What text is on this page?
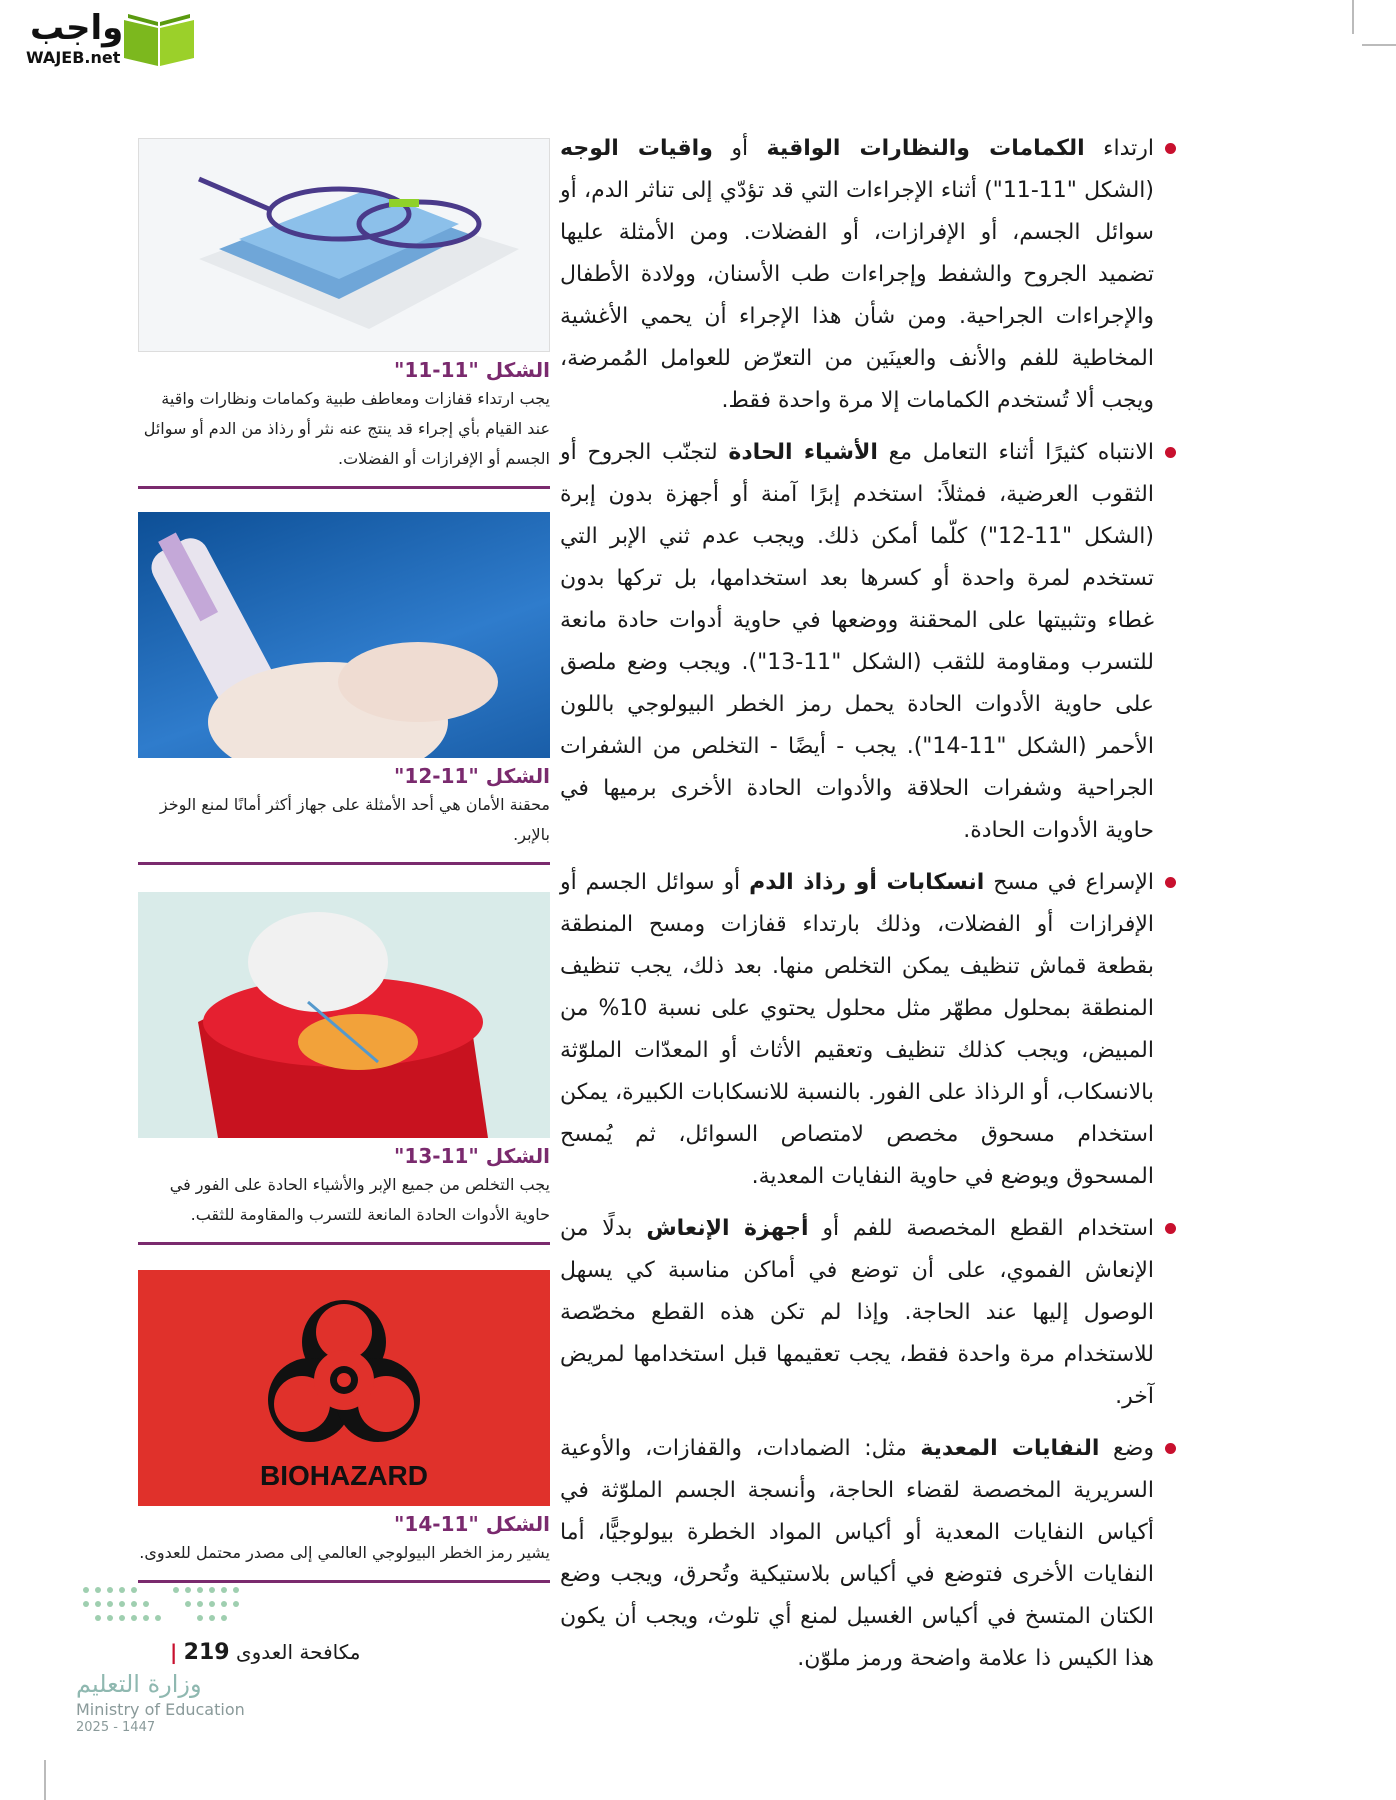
واجب
WAJEB.net
ارتداء الكمامات والنظارات الواقية أو واقيات الوجه (الشكل "11-11") أثناء الإجراءات التي قد تؤدّي إلى تناثر الدم، أو سوائل الجسم، أو الإفرازات، أو الفضلات. ومن الأمثلة عليها تضميد الجروح والشفط وإجراءات طب الأسنان، وولادة الأطفال والإجراءات الجراحية. ومن شأن هذا الإجراء أن يحمي الأغشية المخاطية للفم والأنف والعينَين من التعرّض للعوامل المُمرضة، ويجب ألا تُستخدم الكمامات إلا مرة واحدة فقط.
الانتباه كثيرًا أثناء التعامل مع الأشياء الحادة لتجنّب الجروح أو الثقوب العرضية، فمثلاً: استخدم إبرًا آمنة أو أجهزة بدون إبرة (الشكل "11-12") كلّما أمكن ذلك. ويجب عدم ثني الإبر التي تستخدم لمرة واحدة أو كسرها بعد استخدامها، بل تركها بدون غطاء وتثبيتها على المحقنة ووضعها في حاوية أدوات حادة مانعة للتسرب ومقاومة للثقب (الشكل "11-13"). ويجب وضع ملصق على حاوية الأدوات الحادة يحمل رمز الخطر البيولوجي باللون الأحمر (الشكل "11-14"). يجب - أيضًا - التخلص من الشفرات الجراحية وشفرات الحلاقة والأدوات الحادة الأخرى برميها في حاوية الأدوات الحادة.
الإسراع في مسح انسكابات أو رذاذ الدم أو سوائل الجسم أو الإفرازات أو الفضلات، وذلك بارتداء قفازات ومسح المنطقة بقطعة قماش تنظيف يمكن التخلص منها. بعد ذلك، يجب تنظيف المنطقة بمحلول مطهّر مثل محلول يحتوي على نسبة 10% من المبيض، ويجب كذلك تنظيف وتعقيم الأثاث أو المعدّات الملوّثة بالانسكاب، أو الرذاذ على الفور. بالنسبة للانسكابات الكبيرة، يمكن استخدام مسحوق مخصص لامتصاص السوائل، ثم يُمسح المسحوق ويوضع في حاوية النفايات المعدية.
استخدام القطع المخصصة للفم أو أجهزة الإنعاش بدلًا من الإنعاش الفموي، على أن توضع في أماكن مناسبة كي يسهل الوصول إليها عند الحاجة. وإذا لم تكن هذه القطع مخصّصة للاستخدام مرة واحدة فقط، يجب تعقيمها قبل استخدامها لمريض آخر.
وضع النفايات المعدية مثل: الضمادات، والقفازات، والأوعية السريرية المخصصة لقضاء الحاجة، وأنسجة الجسم الملوّثة في أكياس النفايات المعدية أو أكياس المواد الخطرة بيولوجيًّا، أما النفايات الأخرى فتوضع في أكياس بلاستيكية وتُحرق، ويجب وضع الكتان المتسخ في أكياس الغسيل لمنع أي تلوث، ويجب أن يكون هذا الكيس ذا علامة واضحة ورمز ملوّن.
الشكل "11-11"
يجب ارتداء قفازات ومعاطف طبية وكمامات ونظارات واقية عند القيام بأي إجراء قد ينتج عنه نثر أو رذاذ من الدم أو سوائل الجسم أو الإفرازات أو الفضلات.
الشكل "11-12"
محقنة الأمان هي أحد الأمثلة على جهاز أكثر أمانًا لمنع الوخز بالإبر.
الشكل "11-13"
يجب التخلص من جميع الإبر والأشياء الحادة على الفور في حاوية الأدوات الحادة المانعة للتسرب والمقاومة للثقب.
BIOHAZARD
الشكل "11-14"
يشير رمز الخطر البيولوجي العالمي إلى مصدر محتمل للعدوى.
مكافحة العدوى 219 |
وزارة التعليم
Ministry of Education
2025 - 1447
